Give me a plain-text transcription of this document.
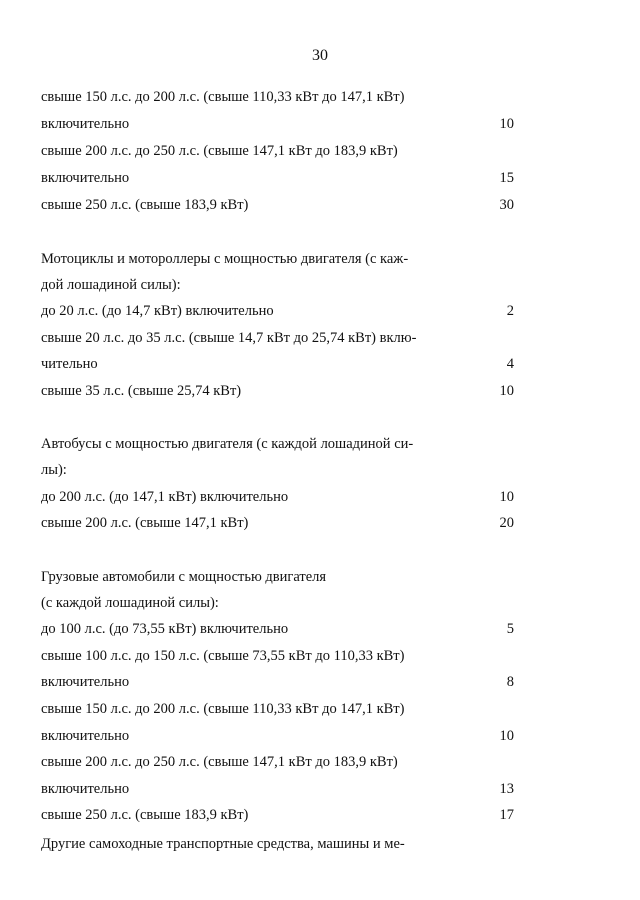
30
свыше 150 л.с. до 200 л.с. (свыше 110,33 кВт до 147,1 кВт)
включительно	10
свыше 200 л.с. до 250 л.с. (свыше 147,1 кВт до 183,9 кВт)
включительно	15
свыше 250 л.с. (свыше 183,9 кВт)	30
Мотоциклы и мотороллеры с мощностью двигателя (с каж-
дой лошадиной силы):
до 20 л.с. (до 14,7 кВт) включительно	2
свыше 20 л.с. до 35 л.с. (свыше 14,7 кВт до 25,74 кВт) вклю-
чительно	4
свыше 35 л.с. (свыше 25,74 кВт)	10
Автобусы с мощностью двигателя (с каждой лошадиной си-
лы):
до 200 л.с. (до 147,1 кВт) включительно	10
свыше 200 л.с. (свыше 147,1 кВт)	20
Грузовые автомобили с мощностью двигателя
(с каждой лошадиной силы):
до 100 л.с. (до 73,55 кВт) включительно	5
свыше 100 л.с. до 150 л.с. (свыше 73,55 кВт до 110,33 кВт)
включительно	8
свыше 150 л.с. до 200 л.с. (свыше 110,33 кВт до 147,1 кВт)
включительно	10
свыше 200 л.с. до 250 л.с. (свыше 147,1 кВт до 183,9 кВт)
включительно	13
свыше 250 л.с. (свыше 183,9 кВт)	17
Другие самоходные транспортные средства, машины и ме-
